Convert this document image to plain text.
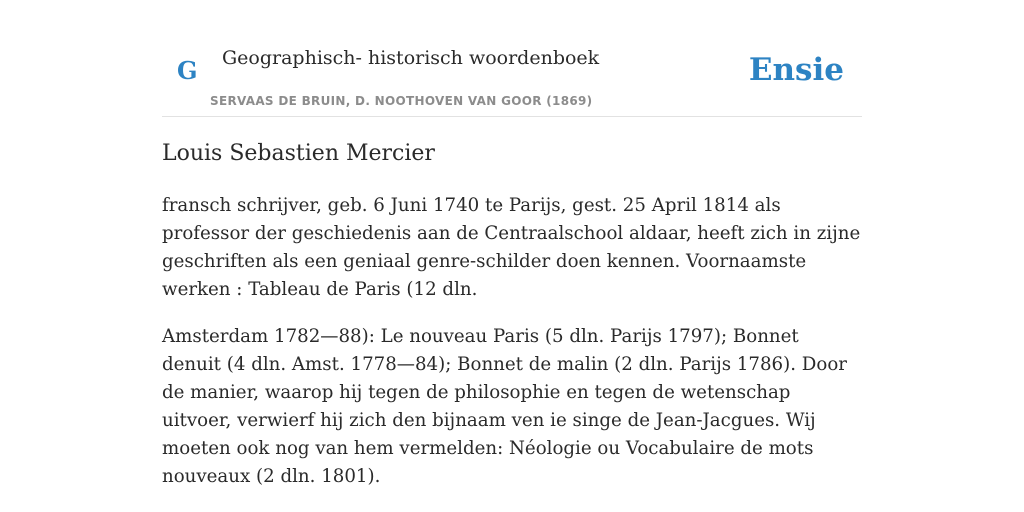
G Geographisch- historisch woordenboek
SERVAAS DE BRUIN, D. NOOTHOVEN VAN GOOR (1869)
Ensie
Louis Sebastien Mercier

fransch schrijver, geb. 6 Juni 1740 te Parijs, gest. 25 April 1814 als professor der geschiedenis aan de Centraalschool aldaar, heeft zich in zijne geschriften als een geniaal genre-schilder doen kennen. Voornaamste werken : Tableau de Paris (12 dln.

Amsterdam 1782—88): Le nouveau Paris (5 dln. Parijs 1797); Bonnet denuit (4 dln. Amst. 1778—84); Bonnet de malin (2 dln. Parijs 1786). Door de manier, waarop hij tegen de philosophie en tegen de wetenschap uitvoer, verwierf hij zich den bijnaam ven ie singe de Jean-Jacgues. Wij moeten ook nog van hem vermelden: Néologie ou Vocabulaire de mots nouveaux (2 dln. 1801).
